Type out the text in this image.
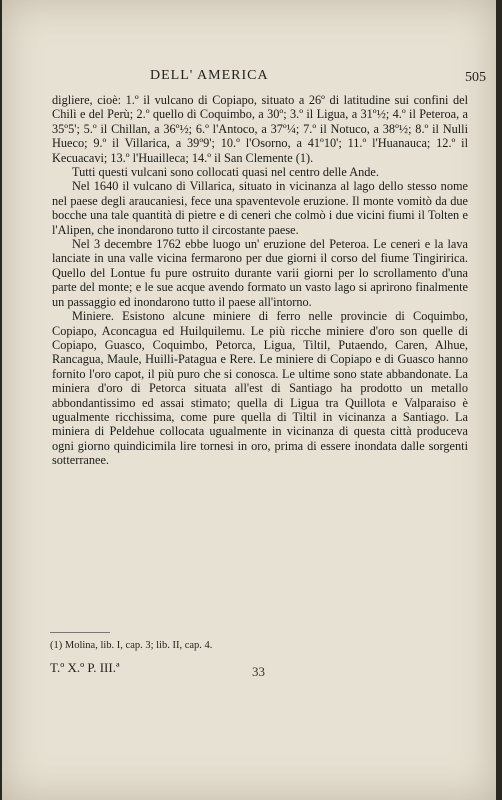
DELL' AMERICA	505

digliere, cioè: 1.º il vulcano di Copiapo, situato a 26º di latitudine sui confini del Chilì e del Perù; 2.º quello di Coquimbo, a 30º; 3.º il Ligua, a 31º½; 4.º il Peteroa, a 35º5'; 5.º il Chillan, a 36º½; 6.º l'Antoco, a 37º¼; 7.º il Notuco, a 38º½; 8.º il Nulli Hueco; 9.º il Villarica, a 39º9'; 10.º l'Osorno, a 41º10'; 11.º l'Huanauca; 12.º il Kecuacavi; 13.º l'Huailleca; 14.º il San Clemente (1).

Tutti questi vulcani sono collocati quasi nel centro delle Ande.

Nel 1640 il vulcano di Villarica, situato in vicinanza al lago dello stesso nome nel paese degli araucaniesi, fece una spaventevole eruzione. Il monte vomitò da due bocche una tale quantità di pietre e di ceneri che colmò i due vicini fiumi il Tolten e l'Alipen, che inondarono tutto il circostante paese.

Nel 3 decembre 1762 ebbe luogo un' eruzione del Peteroa. Le ceneri e la lava lanciate in una valle vicina fermarono per due giorni il corso del fiume Tingiririca. Quello del Lontue fu pure ostruito durante varii giorni per lo scrollamento d'una parte del monte; e le sue acque avendo formato un vasto lago si aprirono finalmente un passaggio ed inondarono tutto il paese all'intorno.

Miniere. Esistono alcune miniere di ferro nelle provincie di Coquimbo, Copiapo, Aconcagua ed Huilquilemu. Le più ricche miniere d'oro son quelle di Copiapo, Guasco, Coquimbo, Petorca, Ligua, Tiltil, Putaendo, Caren, Alhue, Rancagua, Maule, Huilli-Patagua e Rere. Le miniere di Copiapo e di Guasco hanno fornito l'oro capot, il più puro che si conosca. Le ultime sono state abbandonate. La miniera d'oro di Petorca situata all'est di Santiago ha prodotto un metallo abbondantissimo ed assai stimato; quella di Ligua tra Quillota e Valparaiso è ugualmente ricchissima, come pure quella di Tiltil in vicinanza a Santiago. La miniera di Peldehue collocata ugualmente in vicinanza di questa città produceva ogni giorno quindicimila lire tornesi in oro, prima di essere inondata dalle sorgenti sotterranee.

(1) Molina, lib. I, cap. 3; lib. II, cap. 4.
T.º X.º P. III.ª	33
